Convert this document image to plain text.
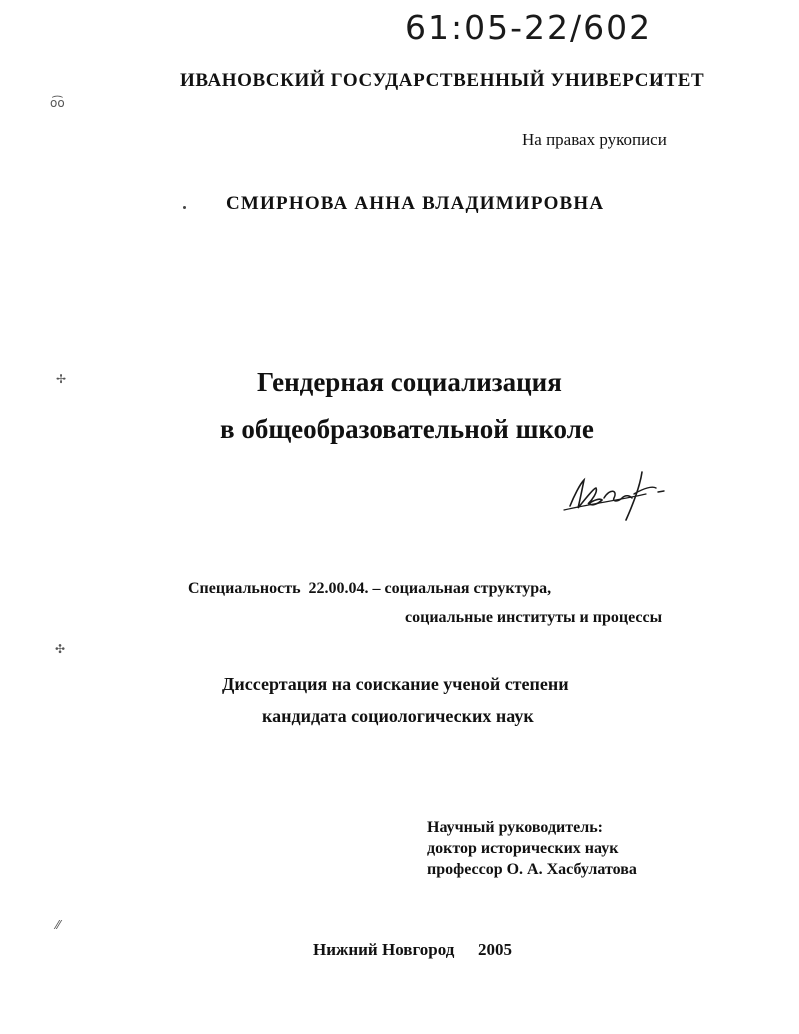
61:05-22/602
ο͡ο
✢
✣
⁄⁄
ИВАНОВСКИЙ ГОСУДАРСТВЕННЫЙ УНИВЕРСИТЕТ
На правах рукописи
СМИРНОВА АННА ВЛАДИМИРОВНА
Гендерная социализация
в общеобразовательной школе
Специальность 22.00.04. – социальная структура,
социальные институты и процессы
Диссертация на соискание ученой степени
кандидата социологических наук
Научный руководитель:
доктор исторических наук
профессор О. А. Хасбулатова
Нижний Новгород 2005
